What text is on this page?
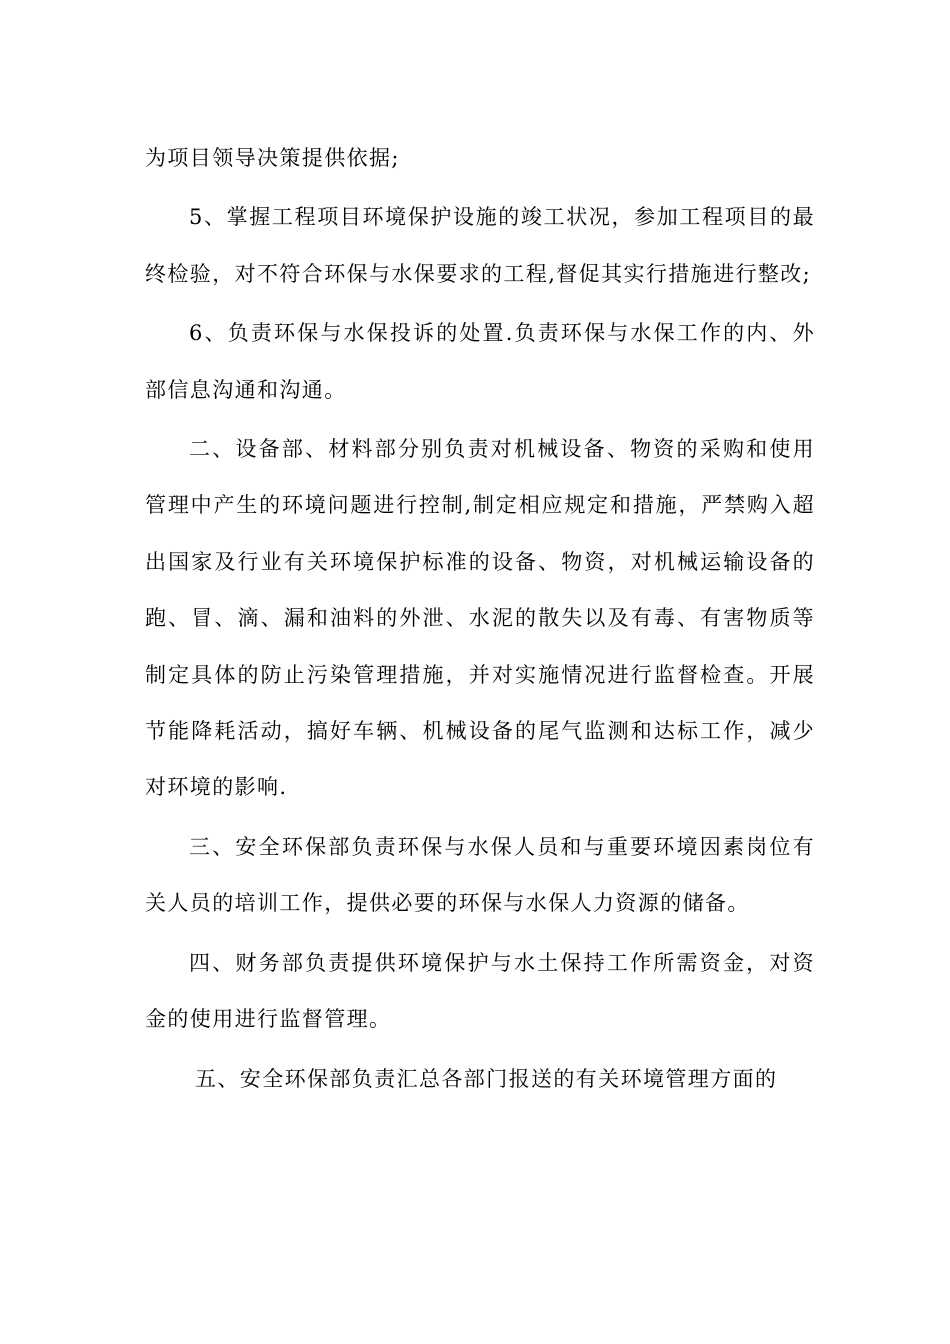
为项目领导决策提供依据;

5、掌握工程项目环境保护设施的竣工状况，参加工程项目的最终检验，对不符合环保与水保要求的工程,督促其实行措施进行整改;

6、负责环保与水保投诉的处置.负责环保与水保工作的内、外部信息沟通和沟通。

二、设备部、材料部分别负责对机械设备、物资的采购和使用管理中产生的环境问题进行控制,制定相应规定和措施，严禁购入超出国家及行业有关环境保护标准的设备、物资，对机械运输设备的跑、冒、滴、漏和油料的外泄、水泥的散失以及有毒、有害物质等制定具体的防止污染管理措施，并对实施情况进行监督检查。开展节能降耗活动，搞好车辆、机械设备的尾气监测和达标工作，减少对环境的影响.

三、安全环保部负责环保与水保人员和与重要环境因素岗位有关人员的培训工作，提供必要的环保与水保人力资源的储备。

四、财务部负责提供环境保护与水土保持工作所需资金，对资金的使用进行监督管理。

五、安全环保部负责汇总各部门报送的有关环境管理方面的
